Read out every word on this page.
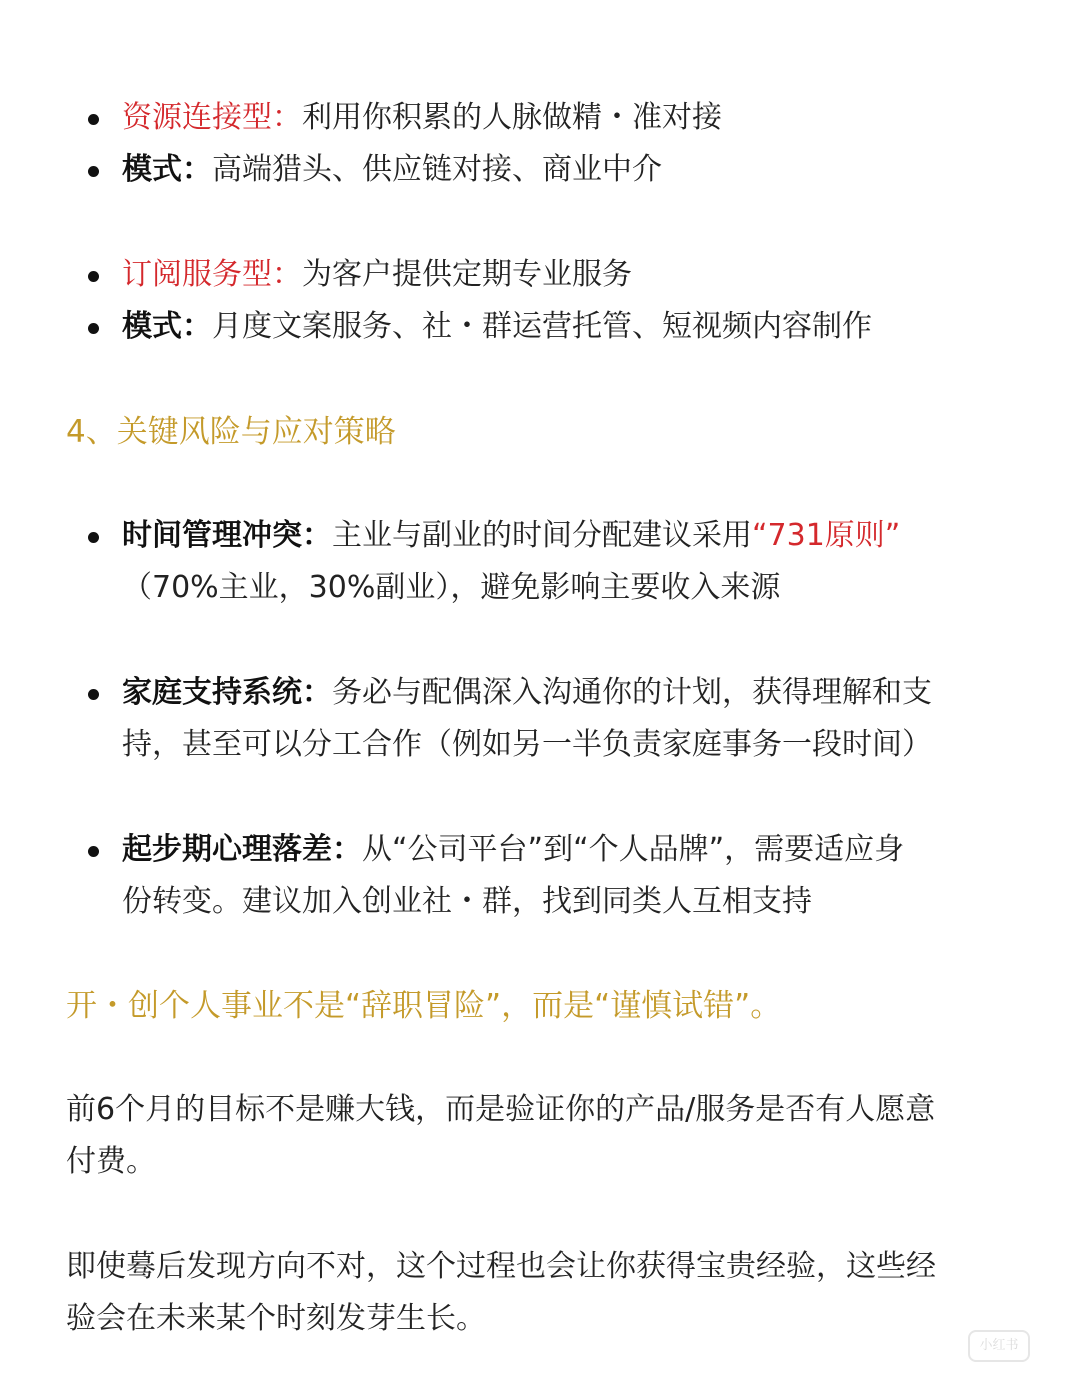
资源连接型：利用你积累的人脉做精・准对接
模式：高端猎头、供应链对接、商业中介
订阅服务型：为客户提供定期专业服务
模式：月度文案服务、社・群运营托管、短视频内容制作
4、关键风险与应对策略
时间管理冲突：主业与副业的时间分配建议采用“731原则”
（70%主业，30%副业），避免影响主要收入来源
家庭支持系统：务必与配偶深入沟通你的计划，获得理解和支
持，甚至可以分工合作（例如另一半负责家庭事务一段时间）
起步期心理落差：从“公司平台”到“个人品牌”，需要适应身
份转变。建议加入创业社・群，找到同类人互相支持
开・创个人事业不是“辞职冒险”，而是“谨慎试错”。
前6个月的目标不是赚大钱，而是验证你的产品/服务是否有人愿意
付费。
即使蓦后发现方向不对，这个过程也会让你获得宝贵经验，这些经
验会在未来某个时刻发芽生长。
小红书
